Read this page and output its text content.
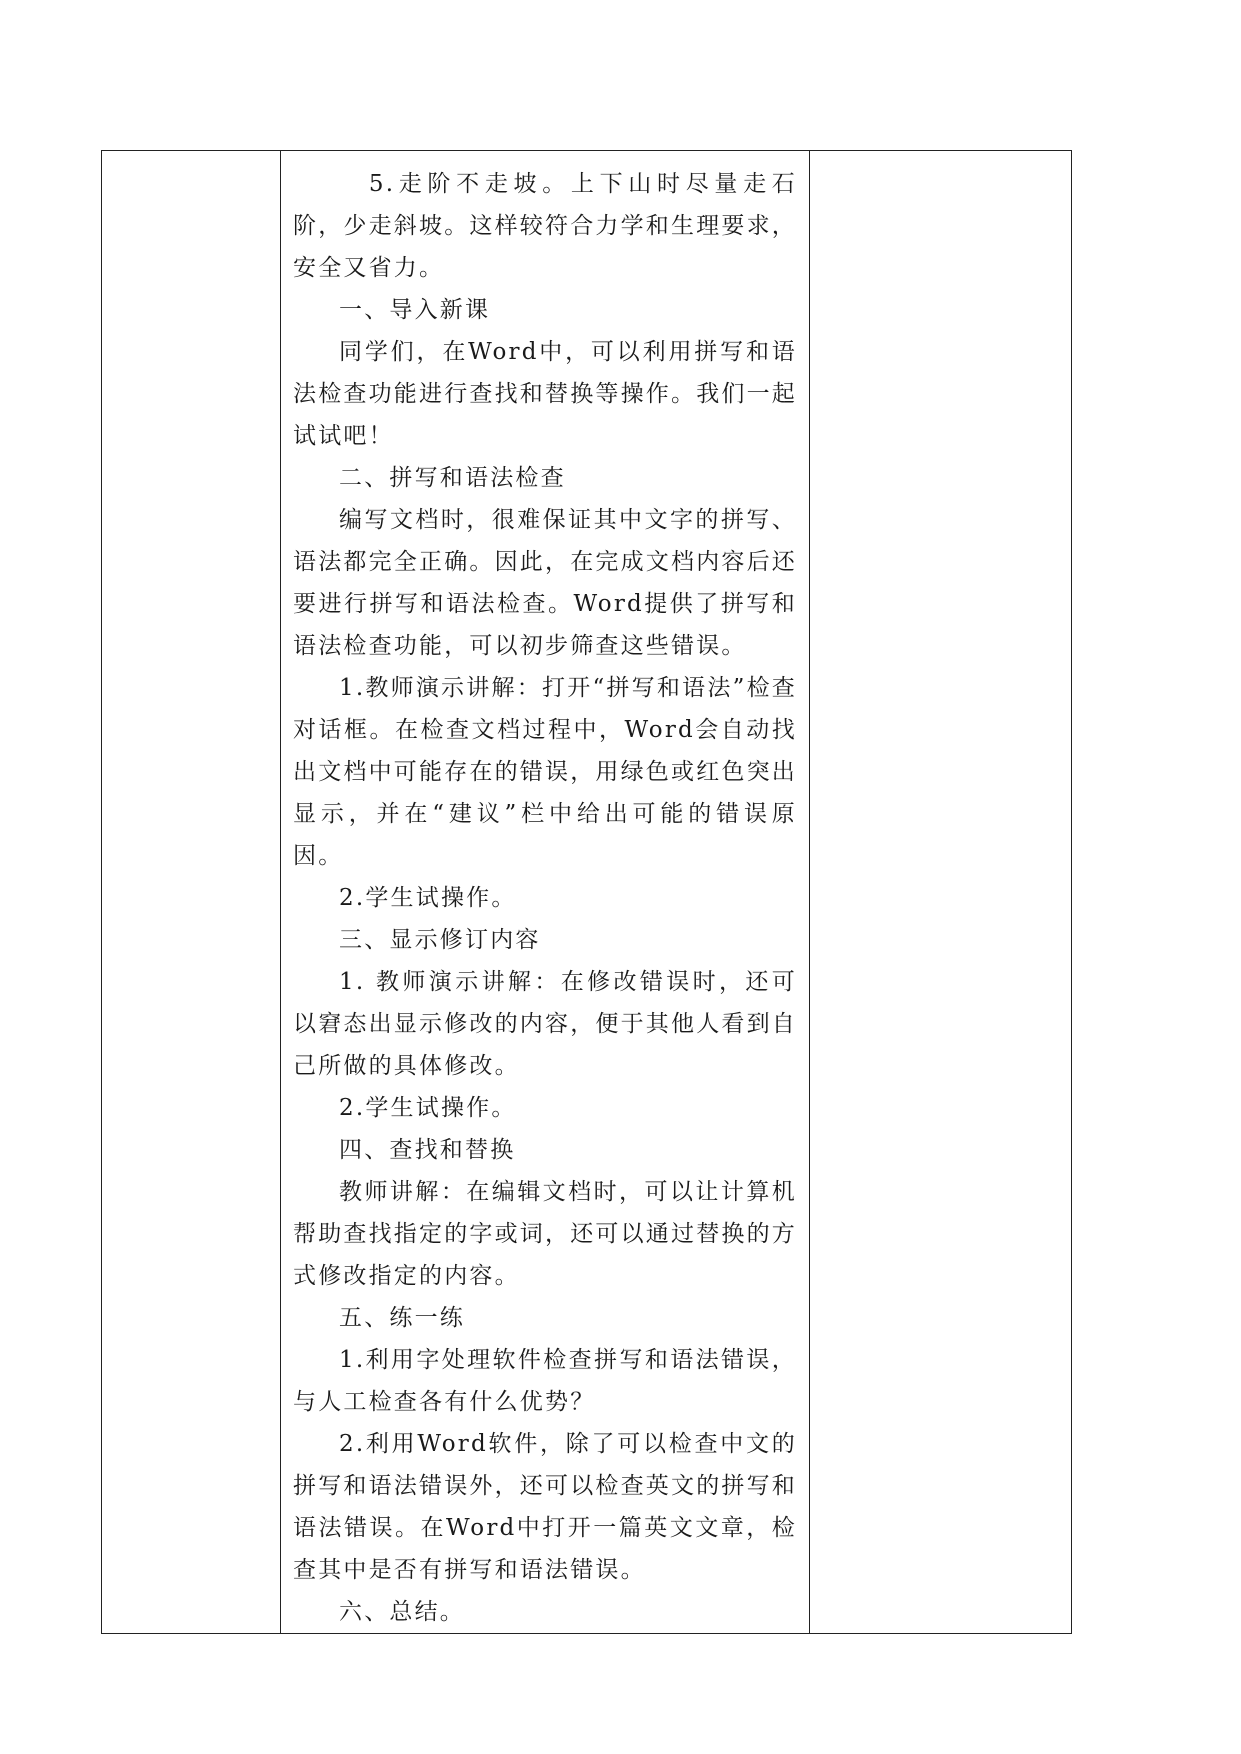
5.走阶不走坡。上下山时尽量走石阶，少走斜坡。这样较符合力学和生理要求，安全又省力。

一、导入新课

同学们，在Word中，可以利用拼写和语法检查功能进行查找和替换等操作。我们一起试试吧！

二、拼写和语法检查

编写文档时，很难保证其中文字的拼写、语法都完全正确。因此，在完成文档内容后还要进行拼写和语法检查。Word提供了拼写和语法检查功能，可以初步筛查这些错误。

1.教师演示讲解：打开“拼写和语法”检查对话框。在检查文档过程中，Word会自动找出文档中可能存在的错误，用绿色或红色突出显示，并在“建议”栏中给出可能的错误原因。

2.学生试操作。

三、显示修订内容

1. 教师演示讲解：在修改错误时，还可以窘态出显示修改的内容，便于其他人看到自己所做的具体修改。

2.学生试操作。

四、查找和替换

教师讲解：在编辑文档时，可以让计算机帮助查找指定的字或词，还可以通过替换的方式修改指定的内容。

五、练一练

1.利用字处理软件检查拼写和语法错误，与人工检查各有什么优势？

2.利用Word软件，除了可以检查中文的拼写和语法错误外，还可以检查英文的拼写和语法错误。在Word中打开一篇英文文章，检查其中是否有拼写和语法错误。

六、总结。
